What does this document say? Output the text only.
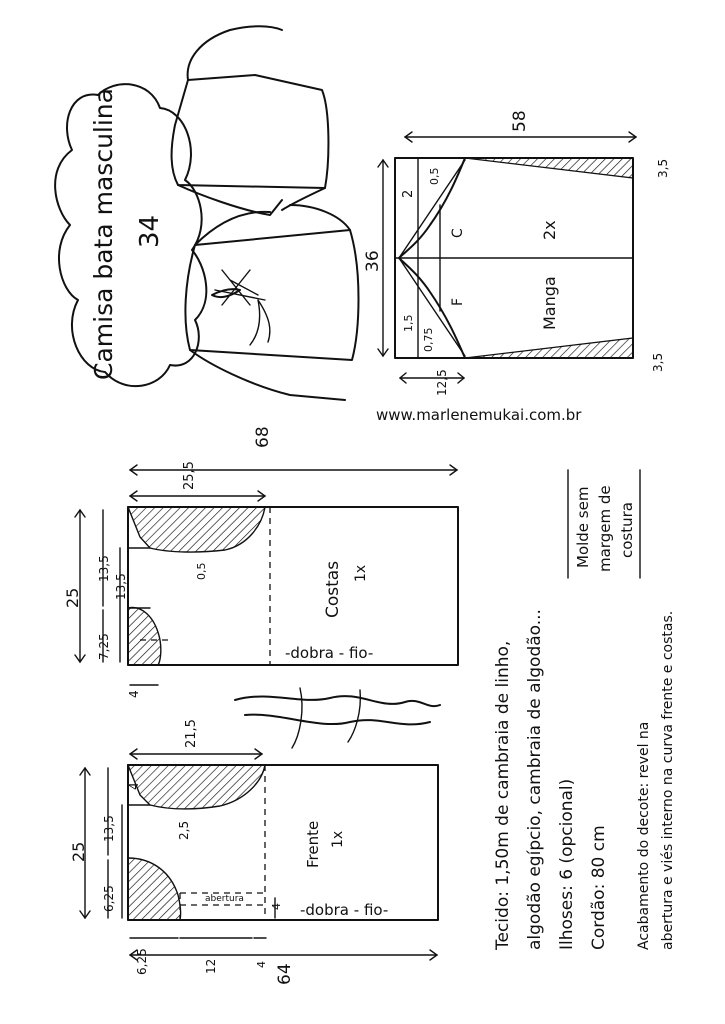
Camisa bata masculina 34
Manga
2x
C
F
2
0,5
1,5
0,75
58
36
12,5
3,5
3,5
www.marlenemukai.com.br
Costas 1x
-dobra - fio-
0,5
68
25,5
25
13,5
13,5
7,25
4
Frente 1x
-dobra - fio-
abertura
2,5
21,5
25
13,5
6,25
6,25	12
4
4
4
64
Tecido: 1,50m de cambraia de linho, algodão egípcio, cambraia de algodão... Ilhoses: 6 (opcional) Cordão: 80 cm Acabamento do decote: revel na abertura e viés interno na curva frente e costas.
Molde sem margem de costura
